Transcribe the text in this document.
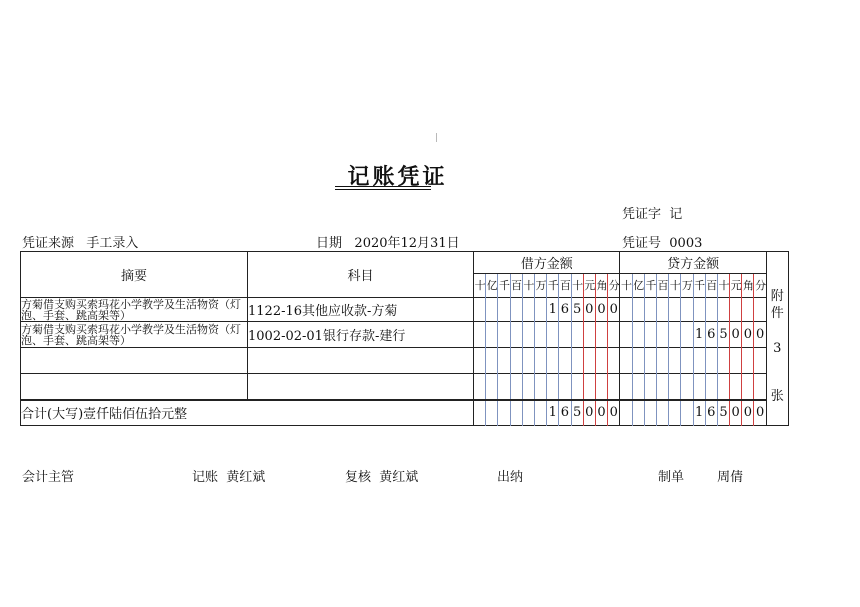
记账凭证
凭证字 记
凭证来源 手工录入	日期 2020年12月31日	凭证号 0003
摘要	科目	借方金额												贷方金额												附
件
3
张

		十	亿	千	百	十	万	千	百	十	元	角	分	十	亿	千	百	十	万	千	百	十	元	角	分	
方菊借支购买索玛花小学教学及生活物资（灯泡、手套、跳高架等）	1122-16其他应收款-方菊							1	6	5	0	0	0													
方菊借支购买索玛花小学教学及生活物资（灯泡、手套、跳高架等）	1002-02-01银行存款-建行																			1	6	5	0	0	0	

合计(大写)壹仟陆佰伍拾元整								1	6	5	0	0	0							1	6	5	0	0	0	
会计主管	记账 黄红斌	复核 黄红斌	出纳	制单	周倩
